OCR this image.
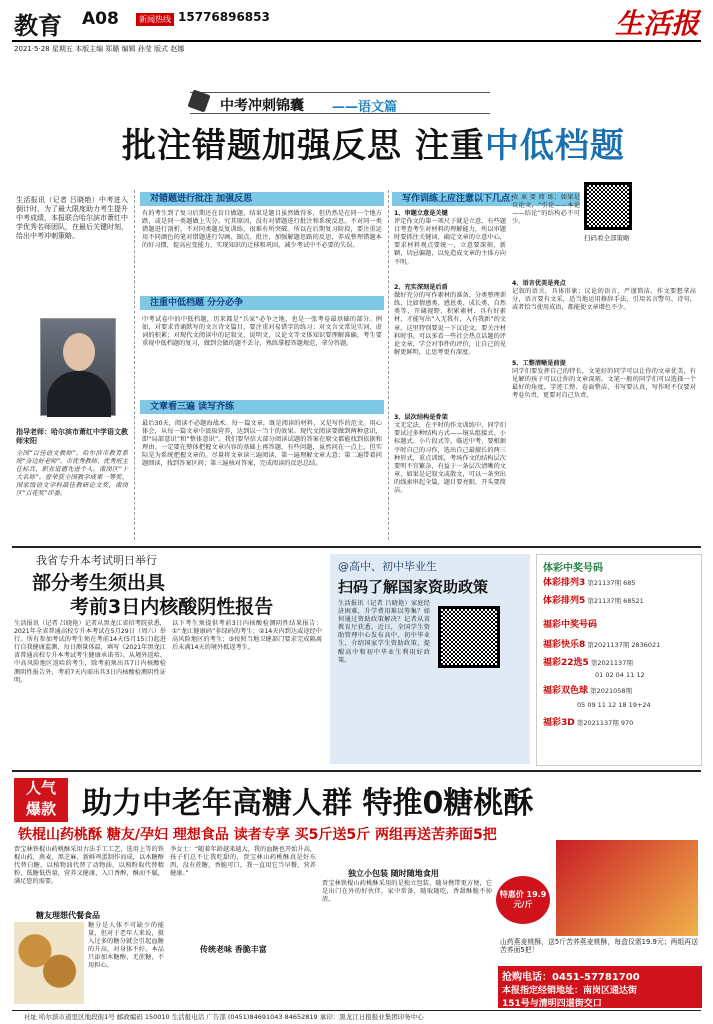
教育 A08	新闻热线 15776896853	生活报
2021·5·28 星期五 本版主编 郑璐 编辑 孙莹 版式 赵娜
中考冲刺锦囊 ——语文篇
批注错题加强反思 注重中低档题
生活报讯（记者 吕晓艳）中考进入倒计时，为了最大限度助力考生提升中考成绩，本报联合哈尔滨市萧红中学优秀名师团队，在最后关键时刻，给出中考冲刺策略。
指导老师：哈尔滨市萧红中学语文教师宋阳
全国“百佳语文教师”、哈尔滨市教育系统“身边好老师”、市优秀教师、优秀班主任标兵、职业道德先进个人、南岗区“十大名师”。曾荣获全国教学成果一等奖、国家级语文学科最佳教研论文奖，南岗区“百花奖”评委。
对错题进行批注 加强反思
有的考生到了复习后期还在盲目做题，结果是题目虽然做得多，但仍然是在同一个地方跌，或是同一类题做上失分。究其原因，没有对错题进行批注和系统反思。不对同一类错题进行剖析，不对同类题反复训练，很难有所突破。所以在后期复习阶段，要注重运用不同颜色的笔对错题进行勾画、圈点、批注，加强解题思路的反思，养成整理错题本的好习惯，提高应变能力，实现知识的迁移和巩固，减少考试中不必要的失误。
注重中低档题 分分必争
中考试卷中的中低档题，历来都是“兵家”必争之地，也是一张考卷最基础的部分。例如，对要求背诵默写的文言诗文篇目，要注重对易错字的练习；对文言文常见实词、虚词的积累；对现代文阅读中的记叙文、说明文、议论文等文体知识要理解准确。考生要重视中低档题的复习，做到会做的题不丢分，熟练掌握答题规范，拿分答题。
文章看三遍 读写齐练
最后30天，阅读不必题海战术。每一篇文章，既是阅读的材料，又是写作的范文。用心体会，从每一篇文章中汲取营养，达到以一当十的效果。现代文阅读要做到两种意识，即“局部意识”和“整体意识”。我们要坚信大部分阅读试题的答案在原文都能找到依据和理由。一定要在整体把握文章内容的基础上再答题，有些问题，虽然问在一点上，但实际是为系统把握文章的。尽量将文章读三遍阅读，第一遍理解文章大意；第二遍带着问题细读，找到答案区间；第三遍核对答案，完成阅读的反思总结。
写作训练上应注意以下几点：
1、审题立意是关键
评定作文的第一项尺子就是立意，有些题目考查考生对材料的理解能力，所以审题时要抓住关键词，确定文章的立意中心，要求材料观点要统一，立意要深刻，新颖，切忌偏题，以免造成文章的主体方向不明。
2、充实深刻是后盾
做好充分的写作素材的准备，分类整理训练，比如情感类、感恩类、成长类、自然类等，开阔视野、积累素材、具有好素材，才能写出“入无我有，入有我新”的文章。这里特别要说一下议论文，要关注材料时事，可以多看一些社会热点话题的评论文章，学会对事件的评价，让自己的见解更鲜明，让思考更有深度。
3、层次结构是骨架
文无定法，在平时的作文训练中，同学们要试过多种结构方式——镜头组接式、小标题式、小片段式等，临近中考，要根据平时自己的习作，选出自己最擅长的两三种形式，重点训练，考场作文的结构层次要明不宜繁杂，有益于一条层次清晰的文章，如果是记叙文或散文，可以一条突出的线索串起全篇，题目要亮眼，开头要简洁。
收 束 要 简 练；如果是议论文，“引论——本论——结论”的结构必不可少。
扫码看全部策略
4、语言优美是亮点
记叙的语言，具体形象；议论的语言，严谨简洁。作文要想拿高分，语言要有文采，适当地运用修辞手法，引用名言警句、诗句，或者恰当使用成语，都能使文章增色不少。
5、工整清晰是前提
同学们要发挥自己的特长，文笔好的同学可以让你的文章优美，有见解的孩子可以让你的文章深刻。文笔一般的同学们可以选择一个最好的角度，字迹工整、卷面整洁，书写要认真，写作时不仅要对考卷负责，更要对自己负责。
我省专升本考试明日举行
部分考生须出具
考前3日内核酸阴性报告
生活报讯（记者 吕晓艳）记者从黑龙江省招考院获悉，2021年全省普通高校专升本考试在5月29日（周六）举行。所有参加考试的考生须在考前14天(5月15日)起进行自我健康监测，每日测量体温，填写《2021年黑龙江省普通高校专升本考试考生健康承诺书》。从境外返哈、中高风险地区返哈的考生，除考前须出具7日内核酸检测阴性报告外，考前7天内需出具3日内核酸检测阴性证明。
以下考生须提供考前3日内核酸检测阴性结果报告：①“龙江健康码”非绿码的考生；②14天内到达或途经中高风险地区的考生；③按照当地卫健部门要求完成隔离后未满14天的境外抵返考生。
@高中、初中毕业生
扫码了解国家资助政策
生活报讯（记者 吕晓艳）家庭经济困难，升学费用难以筹集？如何通过资助政策解决？记者从省教育厅获悉，近日，全国学生资助管理中心发布高中、初中毕业生，介绍国家学生资助政策，提醒高中和初中毕业生利用好政策。
体彩中奖号码
体彩排列3 第21137期 685
体彩排列5 第21137期 68521
福彩中奖号码
福彩快乐8 第2021137期 2836021
福彩22选5 第2021137期
01 02 04 11 12
福彩双色球 第2021058期
05 09 11 12 18 19+24
福彩3D 第2021137期 970
人气
爆款 助力中老年高糖人群 特推0糖桃酥
铁棍山药桃酥 糖友/孕妇 理想食品 读者专享 买5斤送5斤 两组再送苦荞面5把
贾宝林铁棍山药桃酥采用古法手工工艺，选用上等的铁棍山药，燕麦、黑芝麻、新鲜鸡蛋制作而成，以木糖醇代替白糖，以植物油代替了动物油，以熟粉取代替精粉，低糖低热量，营养又健康，入口香醇，酥而不腻，满足您的需要。
糖友理想代餐食品
糖分是人体不可缺少的能量，但对于老年人来说，摄入过多的糖分就会引起血糖的升高，对身体不好。本品只添加木糖醇，无蔗糖，不用担心。
李女士：“随着年龄越来越大，我的血糖也开始升高，孩子们总不让我吃甜的，贾宝林山药桃酥真是好东西，没有蔗糖，香脆可口，我一直用它当早餐，营养健康。”
传统老味 香脆丰富
独立小包装 随时随地食用
贾宝林铁棍山药桃酥采用的是独立包装，随身携带更方便，它是出门在外的好伙伴，家中常备，随取随吃，香甜酥脆不掉渣。
特惠价 19.9元/斤
山药燕麦桃酥，送5斤苦荞燕麦桃酥，每盒仅需19.9元；两组再送苦荞面5把！
抢购电话：0451-57781700
本报指定经销地址：南岗区通达街
151号与清明四道街交口
社址 哈尔滨市道里区地段街1号 邮政编码 150010 生活报电话 广告部 (0451)84691043 84652819 承印：黑龙江日报报业集团印务中心
